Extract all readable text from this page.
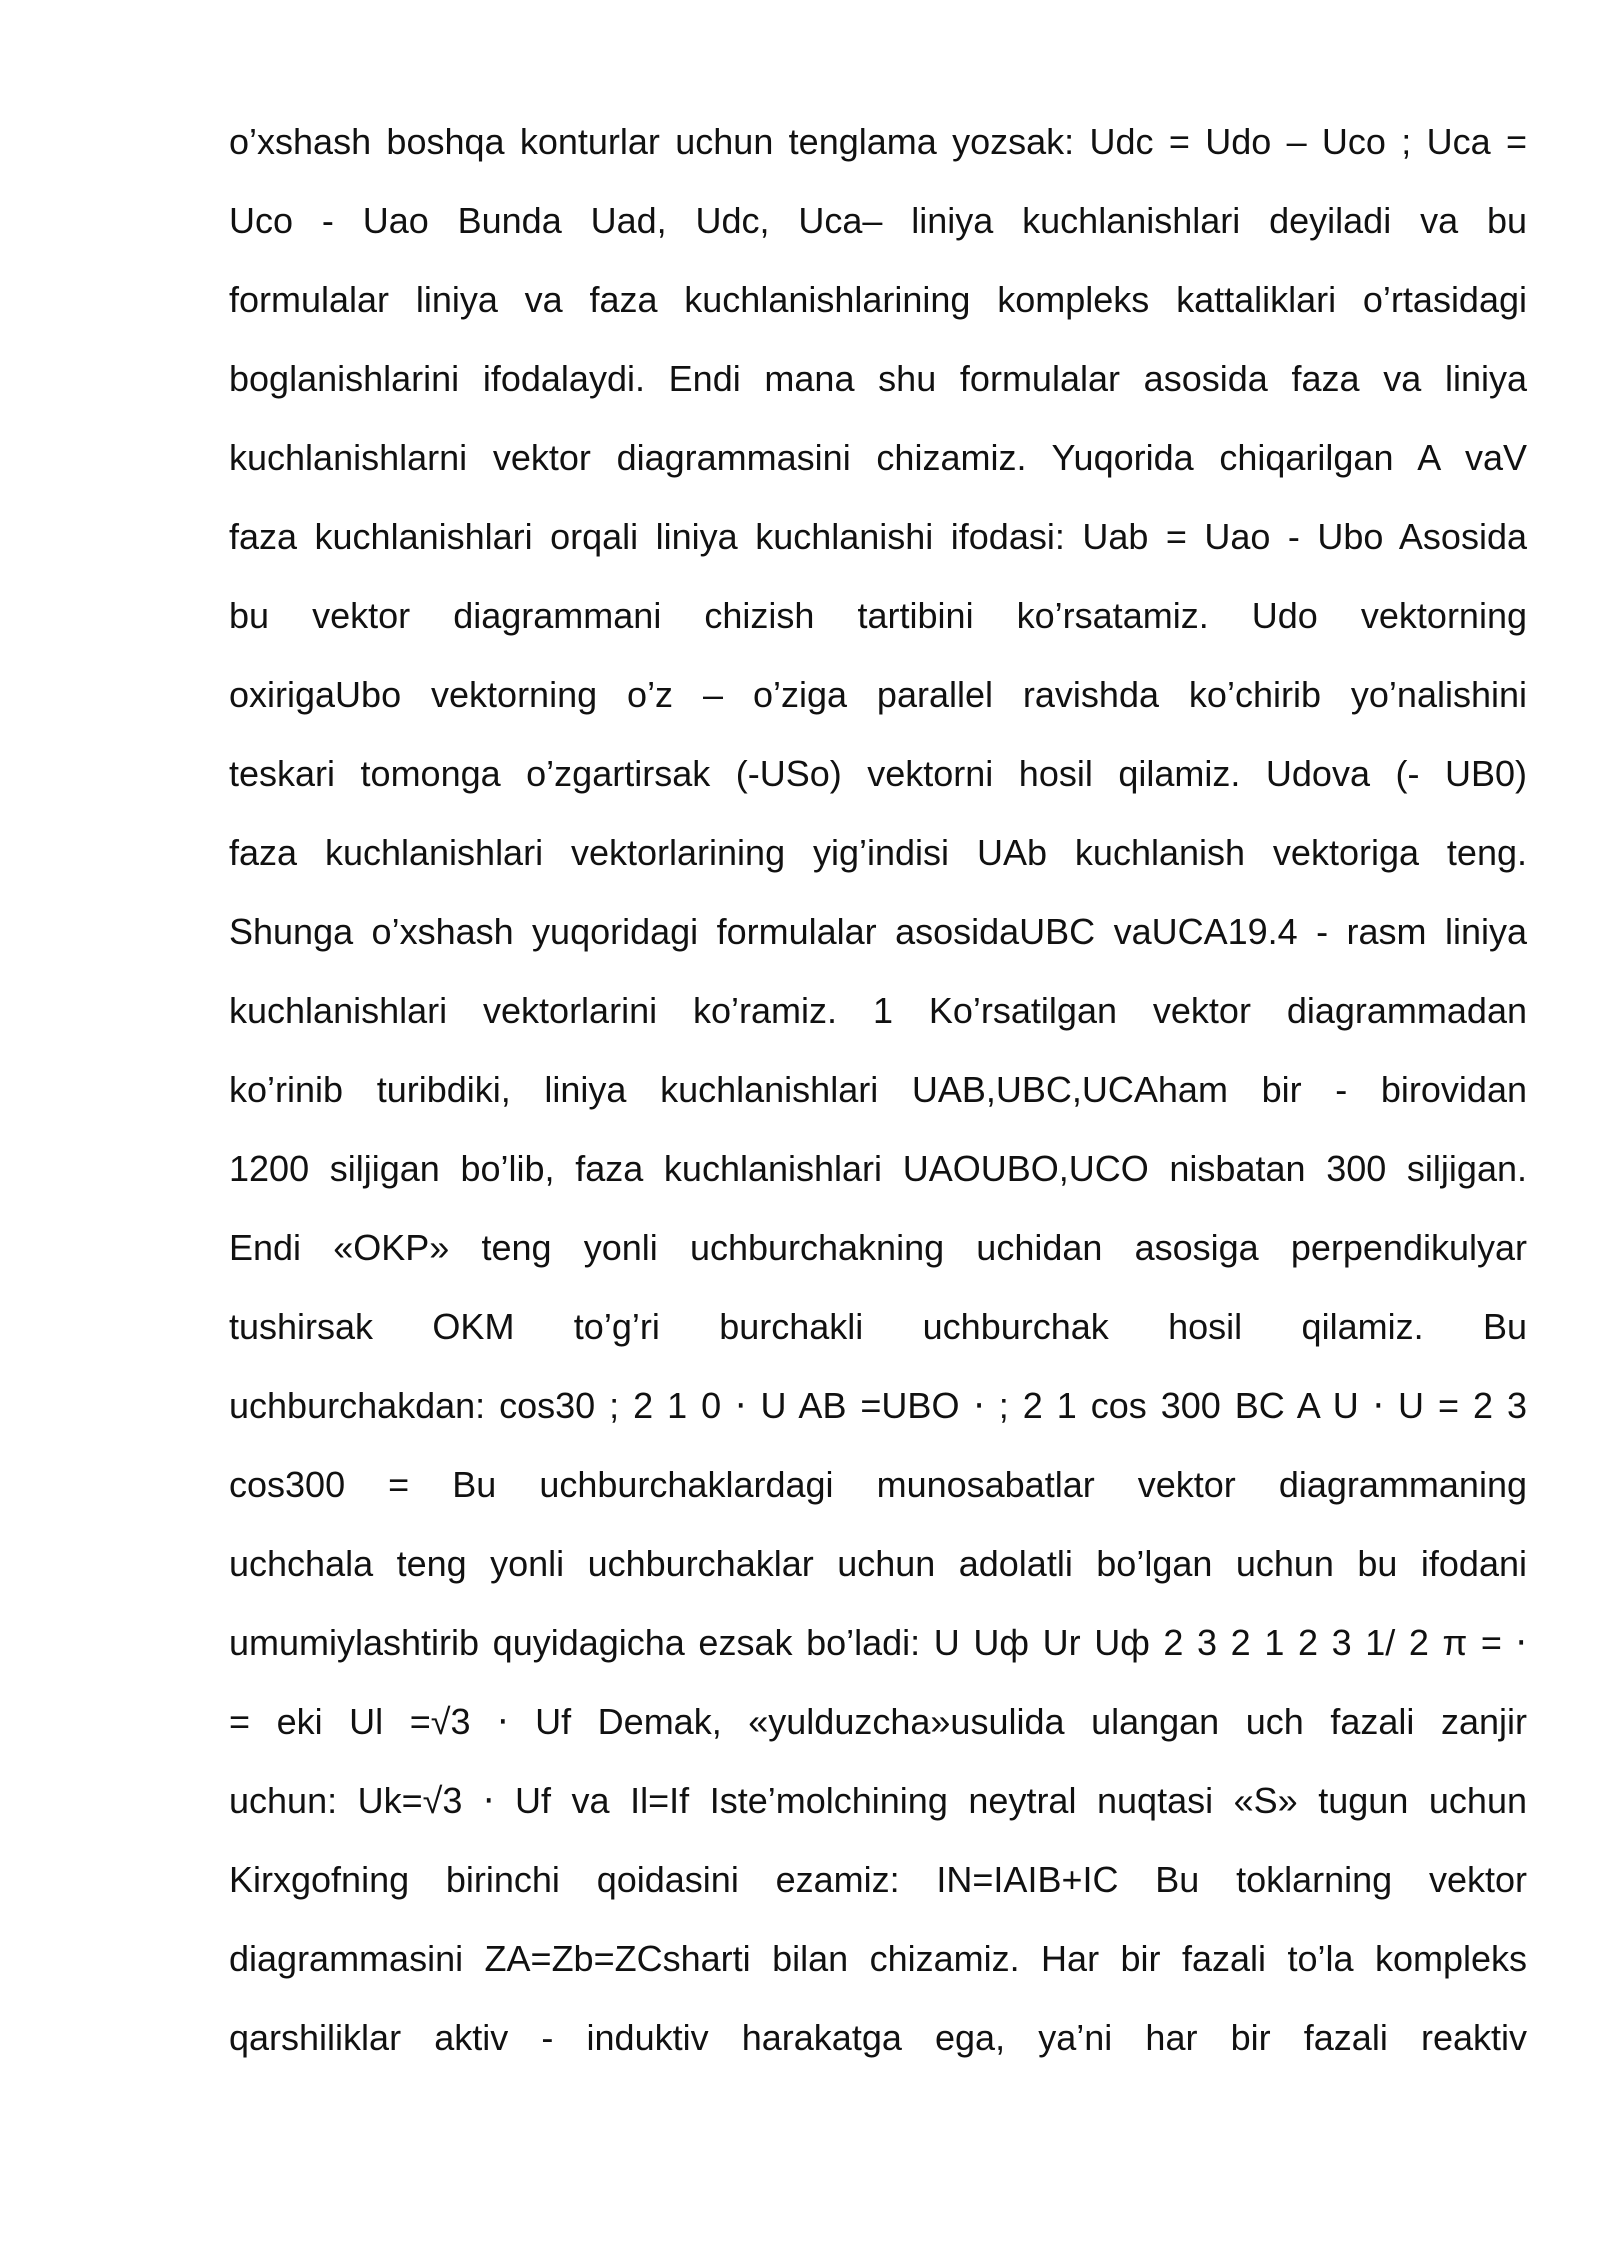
o’xshash boshqa konturlar uchun tenglama yozsak: Udc = Udo – Uco ; Uca =
Uco - Uao Bunda Uad, Udc, Uca– liniya kuchlanishlari deyiladi va bu
formulalar liniya va faza kuchlanishlarining kompleks kattaliklari o’rtasidagi
boglanishlarini ifodalaydi. Endi mana shu formulalar asosida faza va liniya
kuchlanishlarni vektor diagrammasini chizamiz. Yuqorida chiqarilgan A vaV
faza kuchlanishlari orqali liniya kuchlanishi ifodasi: Uab = Uao - Ubo Asosida
bu vektor diagrammani chizish tartibini ko’rsatamiz. Udo vektorning
oxirigaUbo vektorning o’z – o’ziga parallel ravishda ko’chirib yo’nalishini
teskari tomonga o’zgartirsak (-USo) vektorni hosil qilamiz. Udova (- UB0)
faza kuchlanishlari vektorlarining yig’indisi UAb kuchlanish vektoriga teng.
Shunga o’xshash yuqoridagi formulalar asosidaUBC vaUCA19.4 - rasm liniya
kuchlanishlari vektorlarini ko’ramiz. 1 Ko’rsatilgan vektor diagrammadan
ko’rinib turibdiki, liniya kuchlanishlari UAB,UBC,UCAham bir - birovidan
1200 siljigan bo’lib, faza kuchlanishlari UAOUBO,UCO nisbatan 300 siljigan.
Endi «OKP» teng yonli uchburchakning uchidan asosiga perpendikulyar
tushirsak OKM to’g’ri burchakli uchburchak hosil qilamiz. Bu
uchburchakdan: cos30 ; 2 1 0 ⋅ U AB =UBO ⋅ ; 2 1 cos 300 BC A U ⋅ U = 2 3
cos300 = Bu uchburchaklardagi munosabatlar vektor diagrammaning
uchchala teng yonli uchburchaklar uchun adolatli bo’lgan uchun bu ifodani
umumiylashtirib quyidagicha ezsak bo’ladi: U Uф Ur Uф 2 3 2 1 2 3 1/ 2 π = ⋅
= eki Ul =√3 ⋅ Uf Demak, «yulduzcha»usulida ulangan uch fazali zanjir
uchun: Uk=√3 ⋅ Uf va Il=If Iste’molchining neytral nuqtasi «S» tugun uchun
Kirxgofning birinchi qoidasini ezamiz: IN=IAIB+IC Bu toklarning vektor
diagrammasini ZA=Zb=ZCsharti bilan chizamiz. Har bir fazali to’la kompleks
qarshiliklar aktiv - induktiv harakatga ega, ya’ni har bir fazali reaktiv
